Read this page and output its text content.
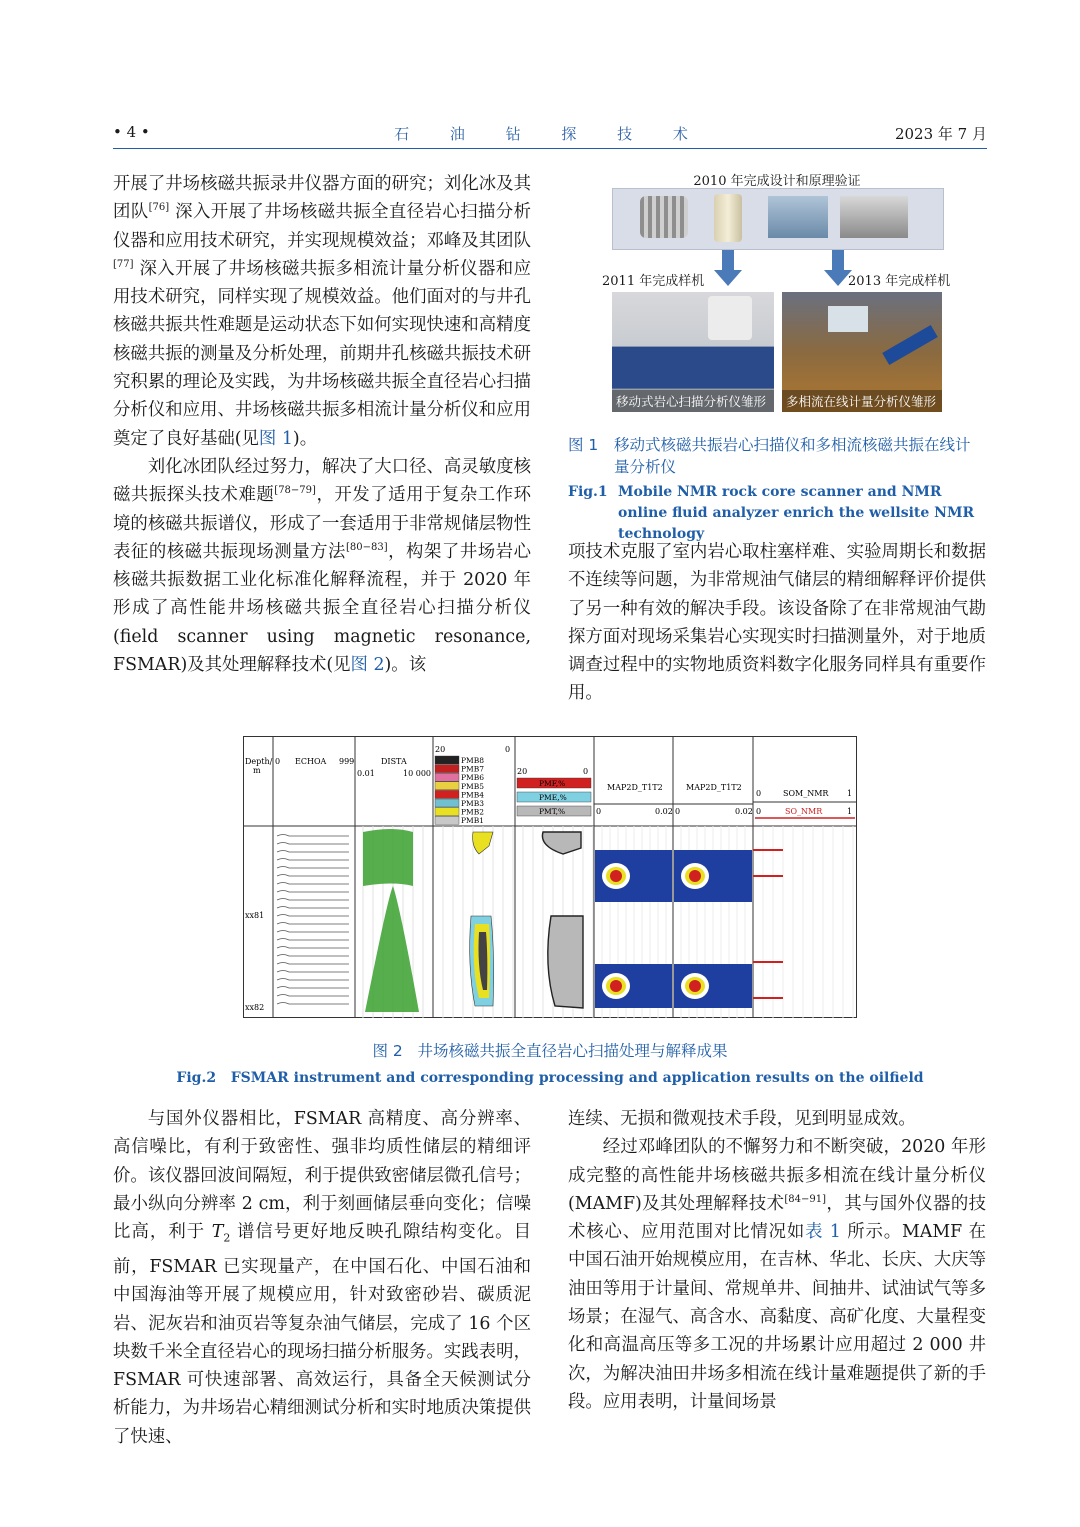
• 4 •	石 油 钻 探 技 术	2023 年 7 月

开展了井场核磁共振录井仪器方面的研究；刘化冰及其团队[76] 深入开展了井场核磁共振全直径岩心扫描分析仪器和应用技术研究，并实现规模效益；邓峰及其团队[77] 深入开展了井场核磁共振多相流计量分析仪器和应用技术研究，同样实现了规模效益。他们面对的与井孔核磁共振共性难题是运动状态下如何实现快速和高精度核磁共振的测量及分析处理，前期井孔核磁共振技术研究积累的理论及实践，为井场核磁共振全直径岩心扫描分析仪和应用、井场核磁共振多相流计量分析仪和应用奠定了良好基础(见图 1)。

刘化冰团队经过努力，解决了大口径、高灵敏度核磁共振探头技术难题[78−79]，开发了适用于复杂工作环境的核磁共振谱仪，形成了一套适用于非常规储层物性表征的核磁共振现场测量方法[80−83]，构架了井场岩心核磁共振数据工业化标准化解释流程，并于 2020 年形成了高性能井场核磁共振全直径岩心扫描分析仪(field scanner using magnetic resonance, FSMAR)及其处理解释技术(见图 2)。该

2010 年完成设计和原理验证
2011 年完成样机	2013 年完成样机
移动式岩心扫描分析仪雏形	多相流在线计量分析仪雏形
图 1 移动式核磁共振岩心扫描仪和多相流核磁共振在线计量分析仪
Fig.1 Mobile NMR rock core scanner and NMR online fluid analyzer enrich the wellsite NMR technology

项技术克服了室内岩心取柱塞样难、实验周期长和数据不连续等问题，为非常规油气储层的精细解释评价提供了另一种有效的解决手段。该设备除了在非常规油气勘探方面对现场采集岩心实现实时扫描测量外，对于地质调查过程中的实物地质资料数字化服务同样具有重要作用。

Depth/
m
0 ECHOA 999	DISTA
0.01	10 000
20	0
PMB8
PMB7
PMB6
PMB5
PMB4
PMB3
PMB2
PMB1
20	0
PMF,%
PME,%
PMT,%
MAP2D_T1T2
0	0.02
MAP2D_T1T2
0	0.02
0	SOM_NMR 1
0	SO_NMR	1
xx81
xx82
图 2 井场核磁共振全直径岩心扫描处理与解释成果
Fig.2 FSMAR instrument and corresponding processing and application results on the oilfield

与国外仪器相比，FSMAR 高精度、高分辨率、高信噪比，有利于致密性、强非均质性储层的精细评价。该仪器回波间隔短，利于提供致密储层微孔信号；最小纵向分辨率 2 cm，利于刻画储层垂向变化；信噪比高，利于 $T_2$ 谱信号更好地反映孔隙结构变化。目前，FSMAR 已实现量产，在中国石化、中国石油和中国海油等开展了规模应用，针对致密砂岩、碳质泥岩、泥灰岩和油页岩等复杂油气储层，完成了 16 个区块数千米全直径岩心的现场扫描分析服务。实践表明，FSMAR 可快速部署、高效运行，具备全天候测试分析能力，为井场岩心精细测试分析和实时地质决策提供了快速、

连续、无损和微观技术手段，见到明显成效。

经过邓峰团队的不懈努力和不断突破，2020 年形成完整的高性能井场核磁共振多相流在线计量分析仪(MAMF)及其处理解释技术[84−91]，其与国外仪器的技术核心、应用范围对比情况如表 1 所示。MAMF 在中国石油开始规模应用，在吉林、华北、长庆、大庆等油田等用于计量间、常规单井、间抽井、试油试气等多场景；在湿气、高含水、高黏度、高矿化度、大量程变化和高温高压等多工况的井场累计应用超过 2 000 井次，为解决油田井场多相流在线计量难题提供了新的手段。应用表明，计量间场景
